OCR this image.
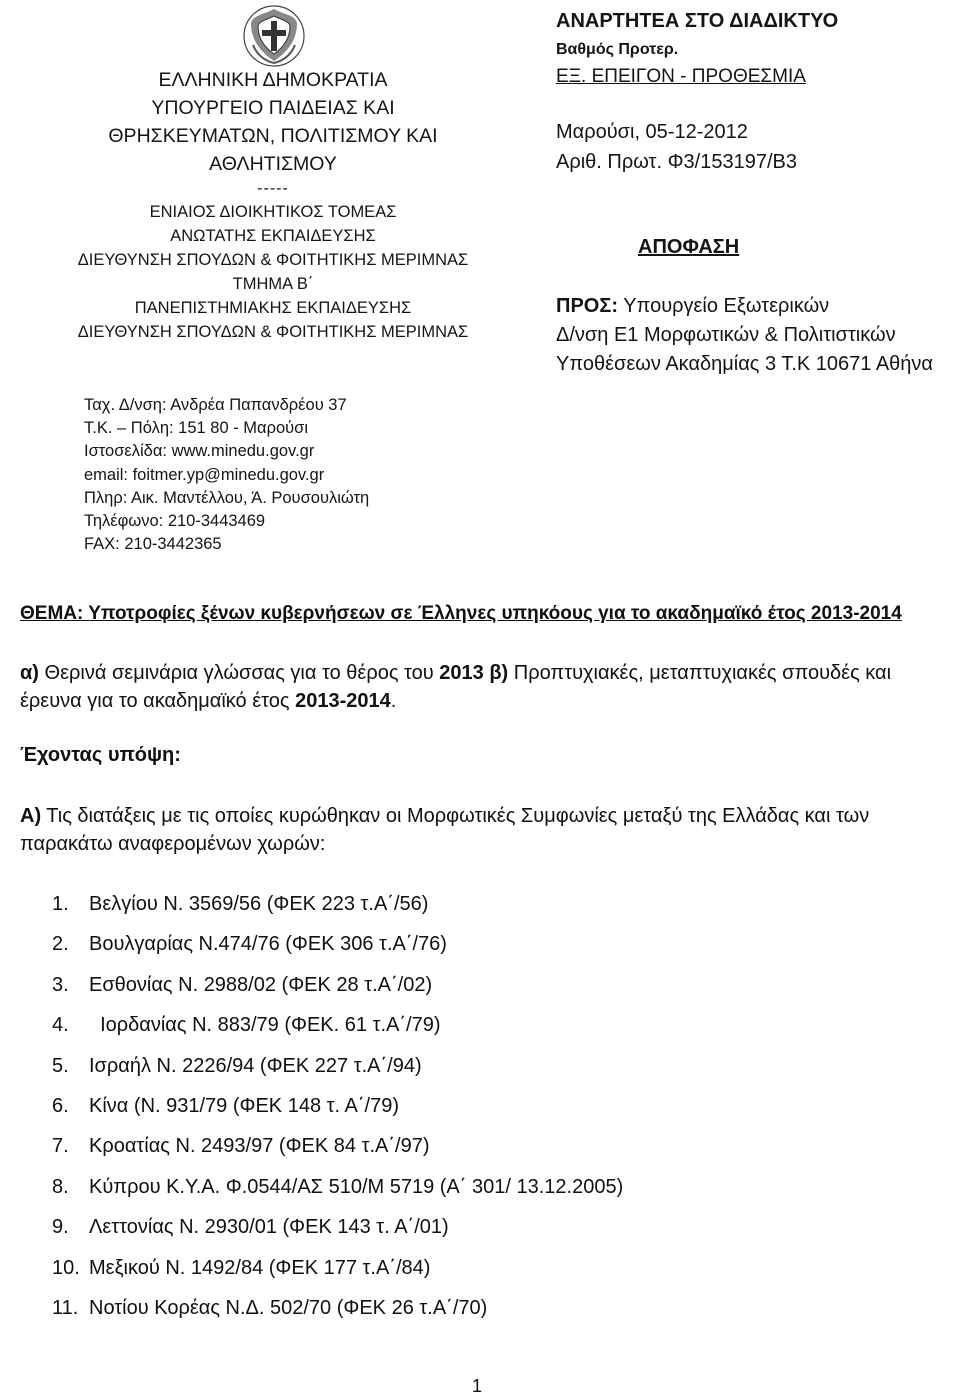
ΕΛΛΗΝΙΚΗ ΔΗΜΟΚΡΑΤΙΑ
ΥΠΟΥΡΓΕΙΟ ΠΑΙΔΕΙΑΣ ΚΑΙ
ΘΡΗΣΚΕΥΜΑΤΩΝ, ΠΟΛΙΤΙΣΜΟΥ ΚΑΙ
ΑΘΛΗΤΙΣΜΟΥ
-----
ΕΝΙΑΙΟΣ ΔΙΟΙΚΗΤΙΚΟΣ ΤΟΜΕΑΣ
ΑΝΩΤΑΤΗΣ ΕΚΠΑΙΔΕΥΣΗΣ
ΔΙΕΥΘΥΝΣΗ ΣΠΟΥΔΩΝ & ΦΟΙΤΗΤΙΚΗΣ ΜΕΡΙΜΝΑΣ
ΤΜΗΜΑ Β΄
ΠΑΝΕΠΙΣΤΗΜΙΑΚΗΣ ΕΚΠΑΙΔΕΥΣΗΣ
ΔΙΕΥΘΥΝΣΗ ΣΠΟΥΔΩΝ & ΦΟΙΤΗΤΙΚΗΣ ΜΕΡΙΜΝΑΣ
ΑΝΑΡΤΗΤΕΑ ΣΤΟ ΔΙΑΔΙΚΤΥΟ
Βαθμός Προτερ.
ΕΞ. ΕΠΕΙΓΟΝ - ΠΡΟΘΕΣΜΙΑ
Μαρούσι, 05-12-2012
Αριθ. Πρωτ. Φ3/153197/Β3
ΑΠΟΦΑΣΗ
ΠΡΟΣ: Υπουργείο Εξωτερικών
Δ/νση Ε1 Μορφωτικών & Πολιτιστικών
Υποθέσεων Ακαδημίας 3 Τ.Κ 10671 Αθήνα
Ταχ. Δ/νση: Ανδρέα Παπανδρέου 37
Τ.Κ. – Πόλη: 151 80 - Μαρούσι
Ιστοσελίδα: www.minedu.gov.gr
email: foitmer.yp@minedu.gov.gr
Πληρ: Αικ. Μαντέλλου, Ά. Ρουσουλιώτη
Τηλέφωνο: 210-3443469
FAX: 210-3442365
ΘΕΜΑ: Υποτροφίες ξένων κυβερνήσεων σε Έλληνες υπηκόους για το ακαδημαϊκό έτος 2013-2014
α) Θερινά σεμινάρια γλώσσας για το θέρος του 2013 β) Προπτυχιακές, μεταπτυχιακές σπουδές και έρευνα για το ακαδημαϊκό έτος 2013-2014.
Έχοντας υπόψη:
Α) Τις διατάξεις με τις οποίες κυρώθηκαν οι Μορφωτικές Συμφωνίες μεταξύ της Ελλάδας και των παρακάτω αναφερομένων χωρών:
1.	Βελγίου Ν. 3569/56 (ΦΕΚ 223 τ.Α΄/56)
2.	Βουλγαρίας Ν.474/76 (ΦΕΚ 306 τ.Α΄/76)
3.	Εσθονίας Ν. 2988/02 (ΦΕΚ 28 τ.Α΄/02)
4.	Ιορδανίας Ν. 883/79 (ΦΕΚ. 61 τ.Α΄/79)
5.	Ισραήλ Ν. 2226/94 (ΦΕΚ 227 τ.Α΄/94)
6.	Κίνα (Ν. 931/79 (ΦΕΚ 148 τ. Α΄/79)
7.	Κροατίας Ν. 2493/97 (ΦΕΚ 84 τ.Α΄/97)
8.	Κύπρου Κ.Υ.Α. Φ.0544/ΑΣ 510/Μ 5719 (Α΄ 301/ 13.12.2005)
9.	Λεττονίας Ν. 2930/01 (ΦΕΚ 143 τ. Α΄/01)
10. Μεξικού Ν. 1492/84 (ΦΕΚ 177 τ.Α΄/84)
11. Νοτίου Κορέας Ν.Δ. 502/70 (ΦΕΚ 26 τ.Α΄/70)
1
